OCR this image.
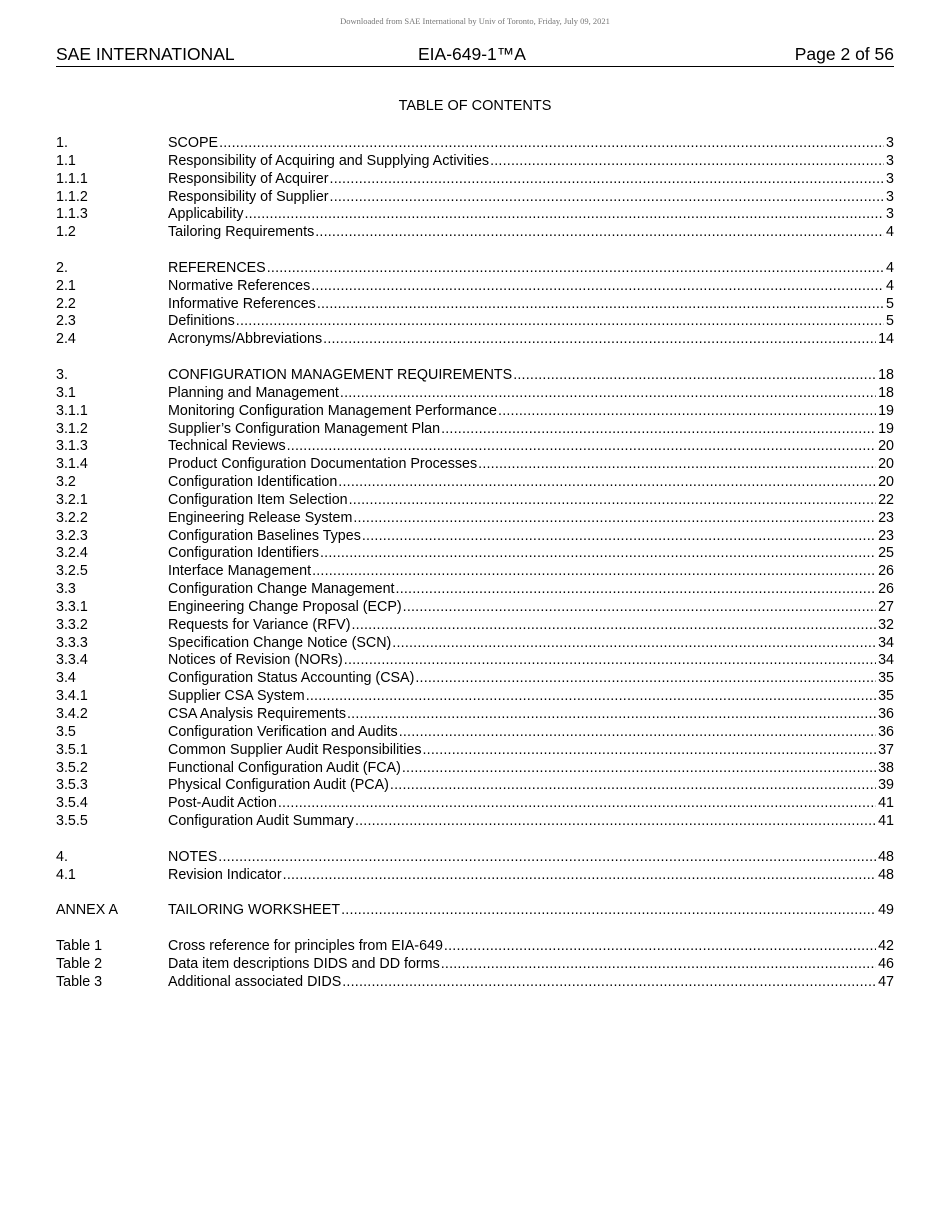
Downloaded from SAE International by Univ of Toronto, Friday, July 09, 2021
SAE INTERNATIONAL	EIA-649-1™A	Page 2 of 56
TABLE OF CONTENTS
1.	SCOPE .....	3
1.1	Responsibility of Acquiring and Supplying Activities .....	3
1.1.1	Responsibility of Acquirer .....	3
1.1.2	Responsibility of Supplier .....	3
1.1.3	Applicability .....	3
1.2	Tailoring Requirements .....	4
2.	REFERENCES .....	4
2.1	Normative References .....	4
2.2	Informative References .....	5
2.3	Definitions .....	5
2.4	Acronyms/Abbreviations .....	14
3.	CONFIGURATION MANAGEMENT REQUIREMENTS .....	18
3.1	Planning and Management .....	18
3.1.1	Monitoring Configuration Management Performance .....	19
3.1.2	Supplier’s Configuration Management Plan .....	19
3.1.3	Technical Reviews .....	20
3.1.4	Product Configuration Documentation Processes .....	20
3.2	Configuration Identification .....	20
3.2.1	Configuration Item Selection .....	22
3.2.2	Engineering Release System .....	23
3.2.3	Configuration Baselines Types .....	23
3.2.4	Configuration Identifiers .....	25
3.2.5	Interface Management .....	26
3.3	Configuration Change Management .....	26
3.3.1	Engineering Change Proposal (ECP) .....	27
3.3.2	Requests for Variance (RFV) .....	32
3.3.3	Specification Change Notice (SCN) .....	34
3.3.4	Notices of Revision (NORs) .....	34
3.4	Configuration Status Accounting (CSA) .....	35
3.4.1	Supplier CSA System .....	35
3.4.2	CSA Analysis Requirements .....	36
3.5	Configuration Verification and Audits .....	36
3.5.1	Common Supplier Audit Responsibilities .....	37
3.5.2	Functional Configuration Audit (FCA) .....	38
3.5.3	Physical Configuration Audit (PCA) .....	39
3.5.4	Post-Audit Action .....	41
3.5.5	Configuration Audit Summary .....	41
4.	NOTES .....	48
4.1	Revision Indicator .....	48
ANNEX A	TAILORING WORKSHEET .....	49
Table 1	Cross reference for principles from EIA-649 .....	42
Table 2	Data item descriptions DIDS and DD forms .....	46
Table 3	Additional associated DIDS .....	47
